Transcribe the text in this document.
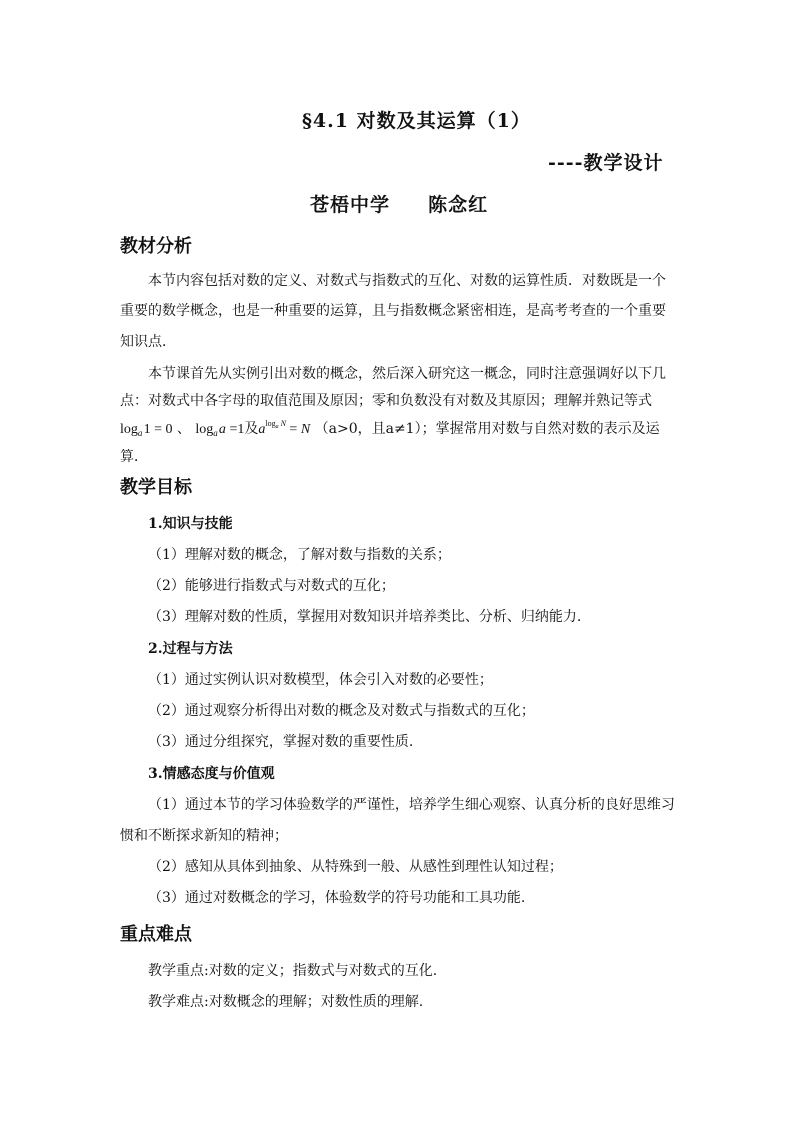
§4.1 对数及其运算（1）
----教学设计
苍梧中学     陈念红
教材分析
本节内容包括对数的定义、对数式与指数式的互化、对数的运算性质．对数既是一个
重要的数学概念，也是一种重要的运算，且与指数概念紧密相连，是高考考查的一个重要
知识点．
本节课首先从实例引出对数的概念，然后深入研究这一概念，同时注意强调好以下几
点：对数式中各字母的取值范围及原因；零和负数没有对数及其原因；理解并熟记等式
$\log_a$ 1 = 0 、 $\log_a$ a =1及$a^{log_a N} = N$ （a>0，且a≠1）；掌握常用对数与自然对数的表示及运
算．
教学目标
1.知识与技能
（1）理解对数的概念，了解对数与指数的关系；
（2）能够进行指数式与对数式的互化；
（3）理解对数的性质，掌握用对数知识并培养类比、分析、归纳能力.
2.过程与方法
（1）通过实例认识对数模型，体会引入对数的必要性；
（2）通过观察分析得出对数的概念及对数式与指数式的互化；
（3）通过分组探究，掌握对数的重要性质.
3.情感态度与价值观
（1）通过本节的学习体验数学的严谨性，培养学生细心观察、认真分析的良好思维习
惯和不断探求新知的精神；
（2）感知从具体到抽象、从特殊到一般、从感性到理性认知过程；
（3）通过对数概念的学习，体验数学的符号功能和工具功能.
重点难点
教学重点:对数的定义；指数式与对数式的互化.
教学难点:对数概念的理解；对数性质的理解.
